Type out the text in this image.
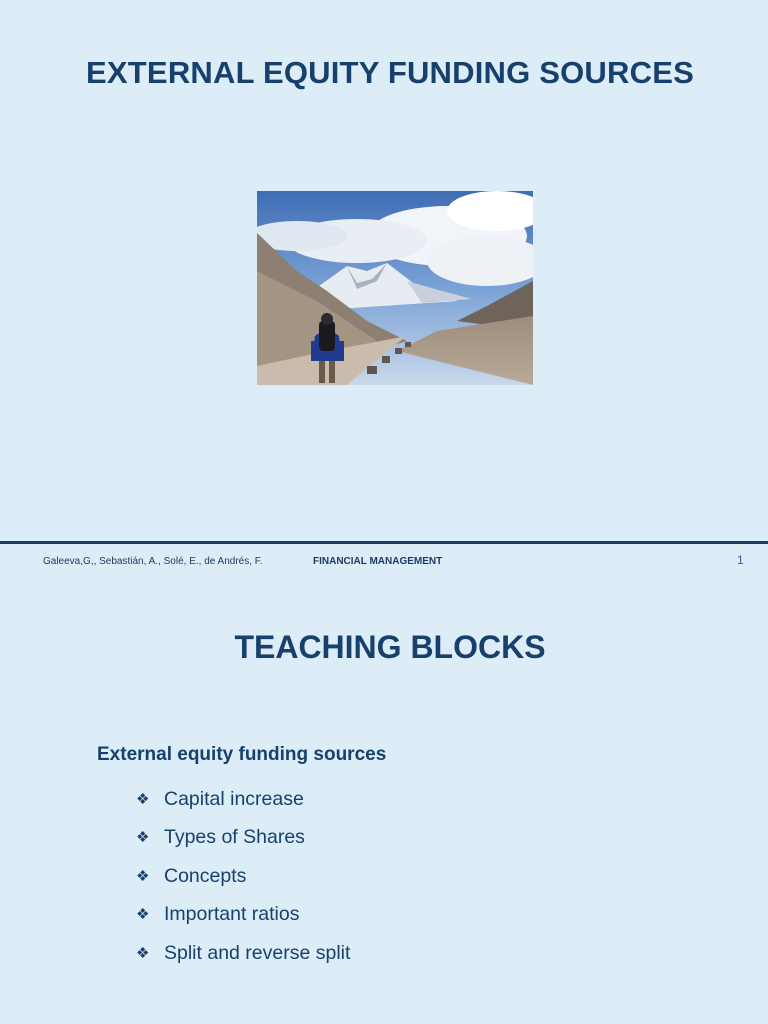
EXTERNAL EQUITY FUNDING SOURCES
Galeeva,G,, Sebastián, A., Solé, E., de Andrés, F.	FINANCIAL MANAGEMENT	1
TEACHING BLOCKS
External equity funding sources
❖ Capital increase
❖ Types of Shares
❖ Concepts
❖ Important ratios
❖ Split and reverse split
